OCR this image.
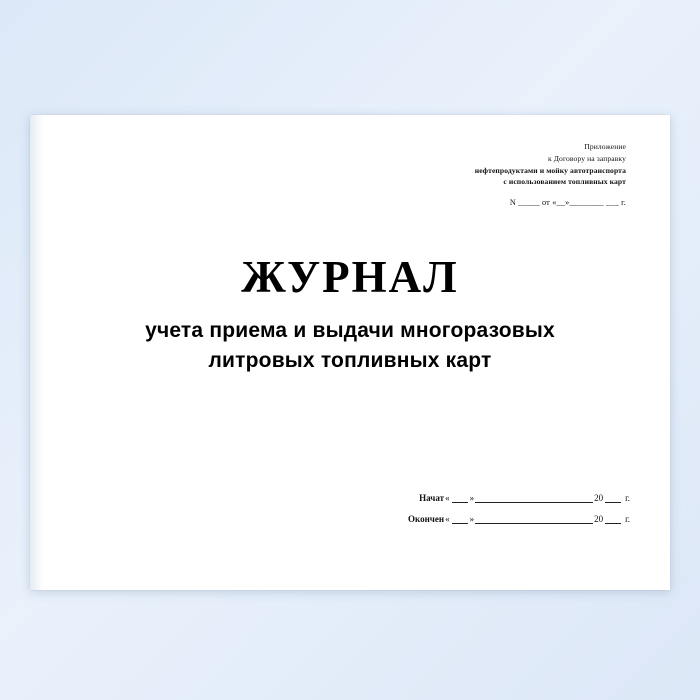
Приложение
к Договору на заправку
нефтепродуктами и мойку автотранспорта
с использованием топливных карт
N _____ от «__»________ ___ г.
ЖУРНАЛ
учета приема и выдачи многоразовых
литровых топливных карт
Начат « »	20 г.
Окончен « »	20 г.
